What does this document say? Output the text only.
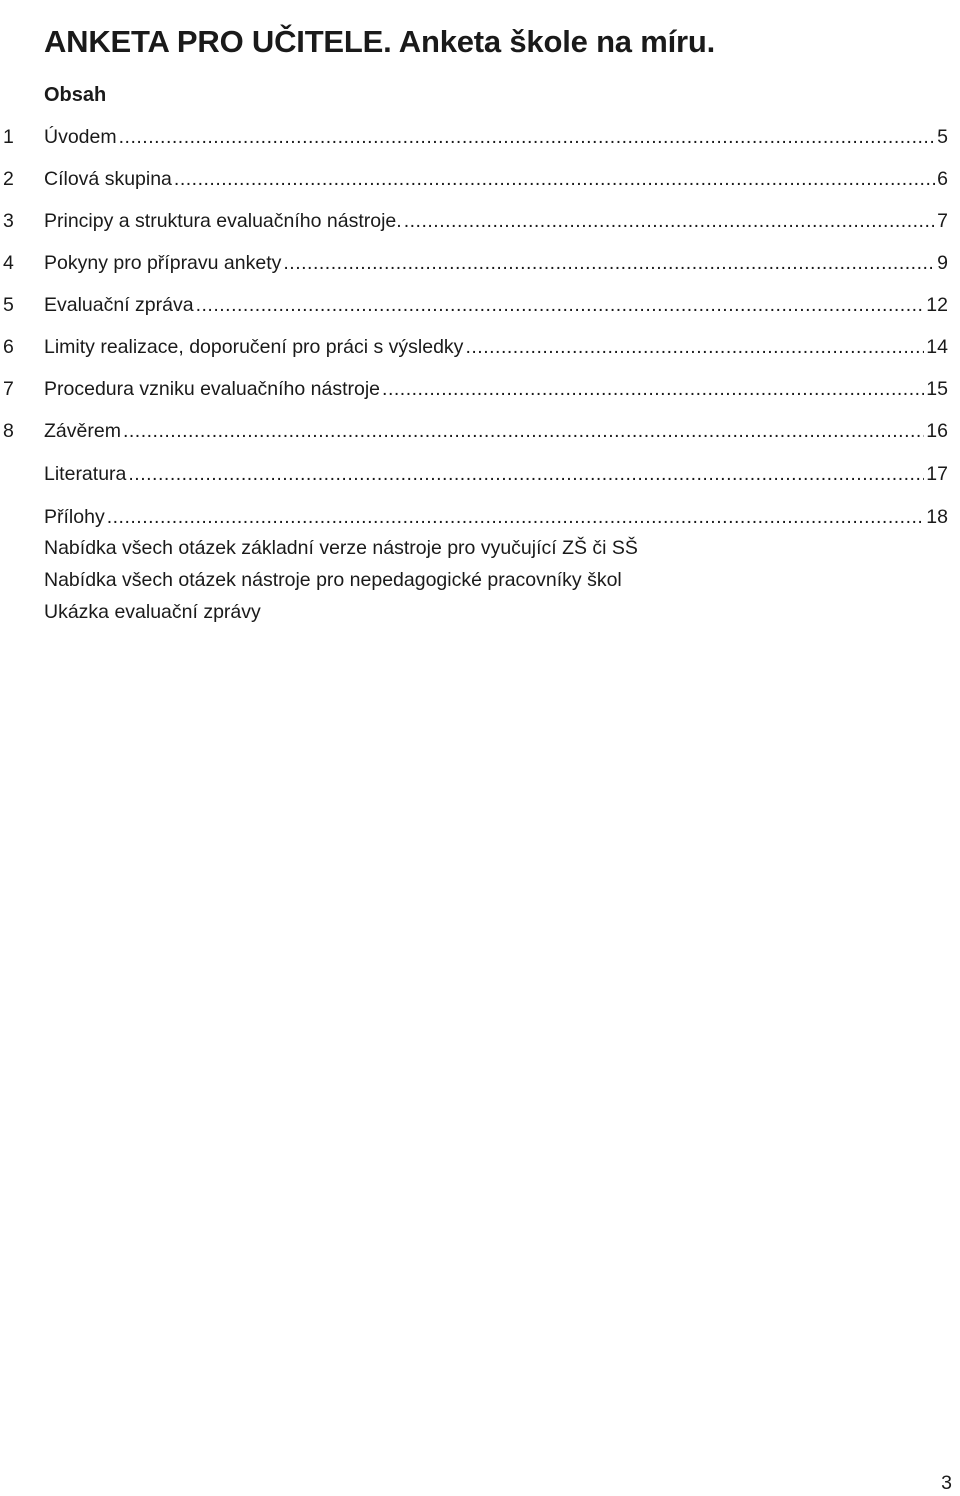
ANKETA PRO UČITELE. Anketa škole na míru.
Obsah
1	Úvodem .....	5
2	Cílová skupina .....	6
3	Principy a struktura evaluačního nástroje. .....	7
4	Pokyny pro přípravu ankety .....	9
5	Evaluační zpráva .....	12
6	Limity realizace, doporučení pro práci s výsledky .....	14
7	Procedura vzniku evaluačního nástroje .....	15
8	Závěrem .....	16
Literatura .....	17
Přílohy .....	18
Nabídka všech otázek základní verze nástroje pro vyučující ZŠ či SŠ
Nabídka všech otázek nástroje pro nepedagogické pracovníky škol
Ukázka evaluační zprávy
3
